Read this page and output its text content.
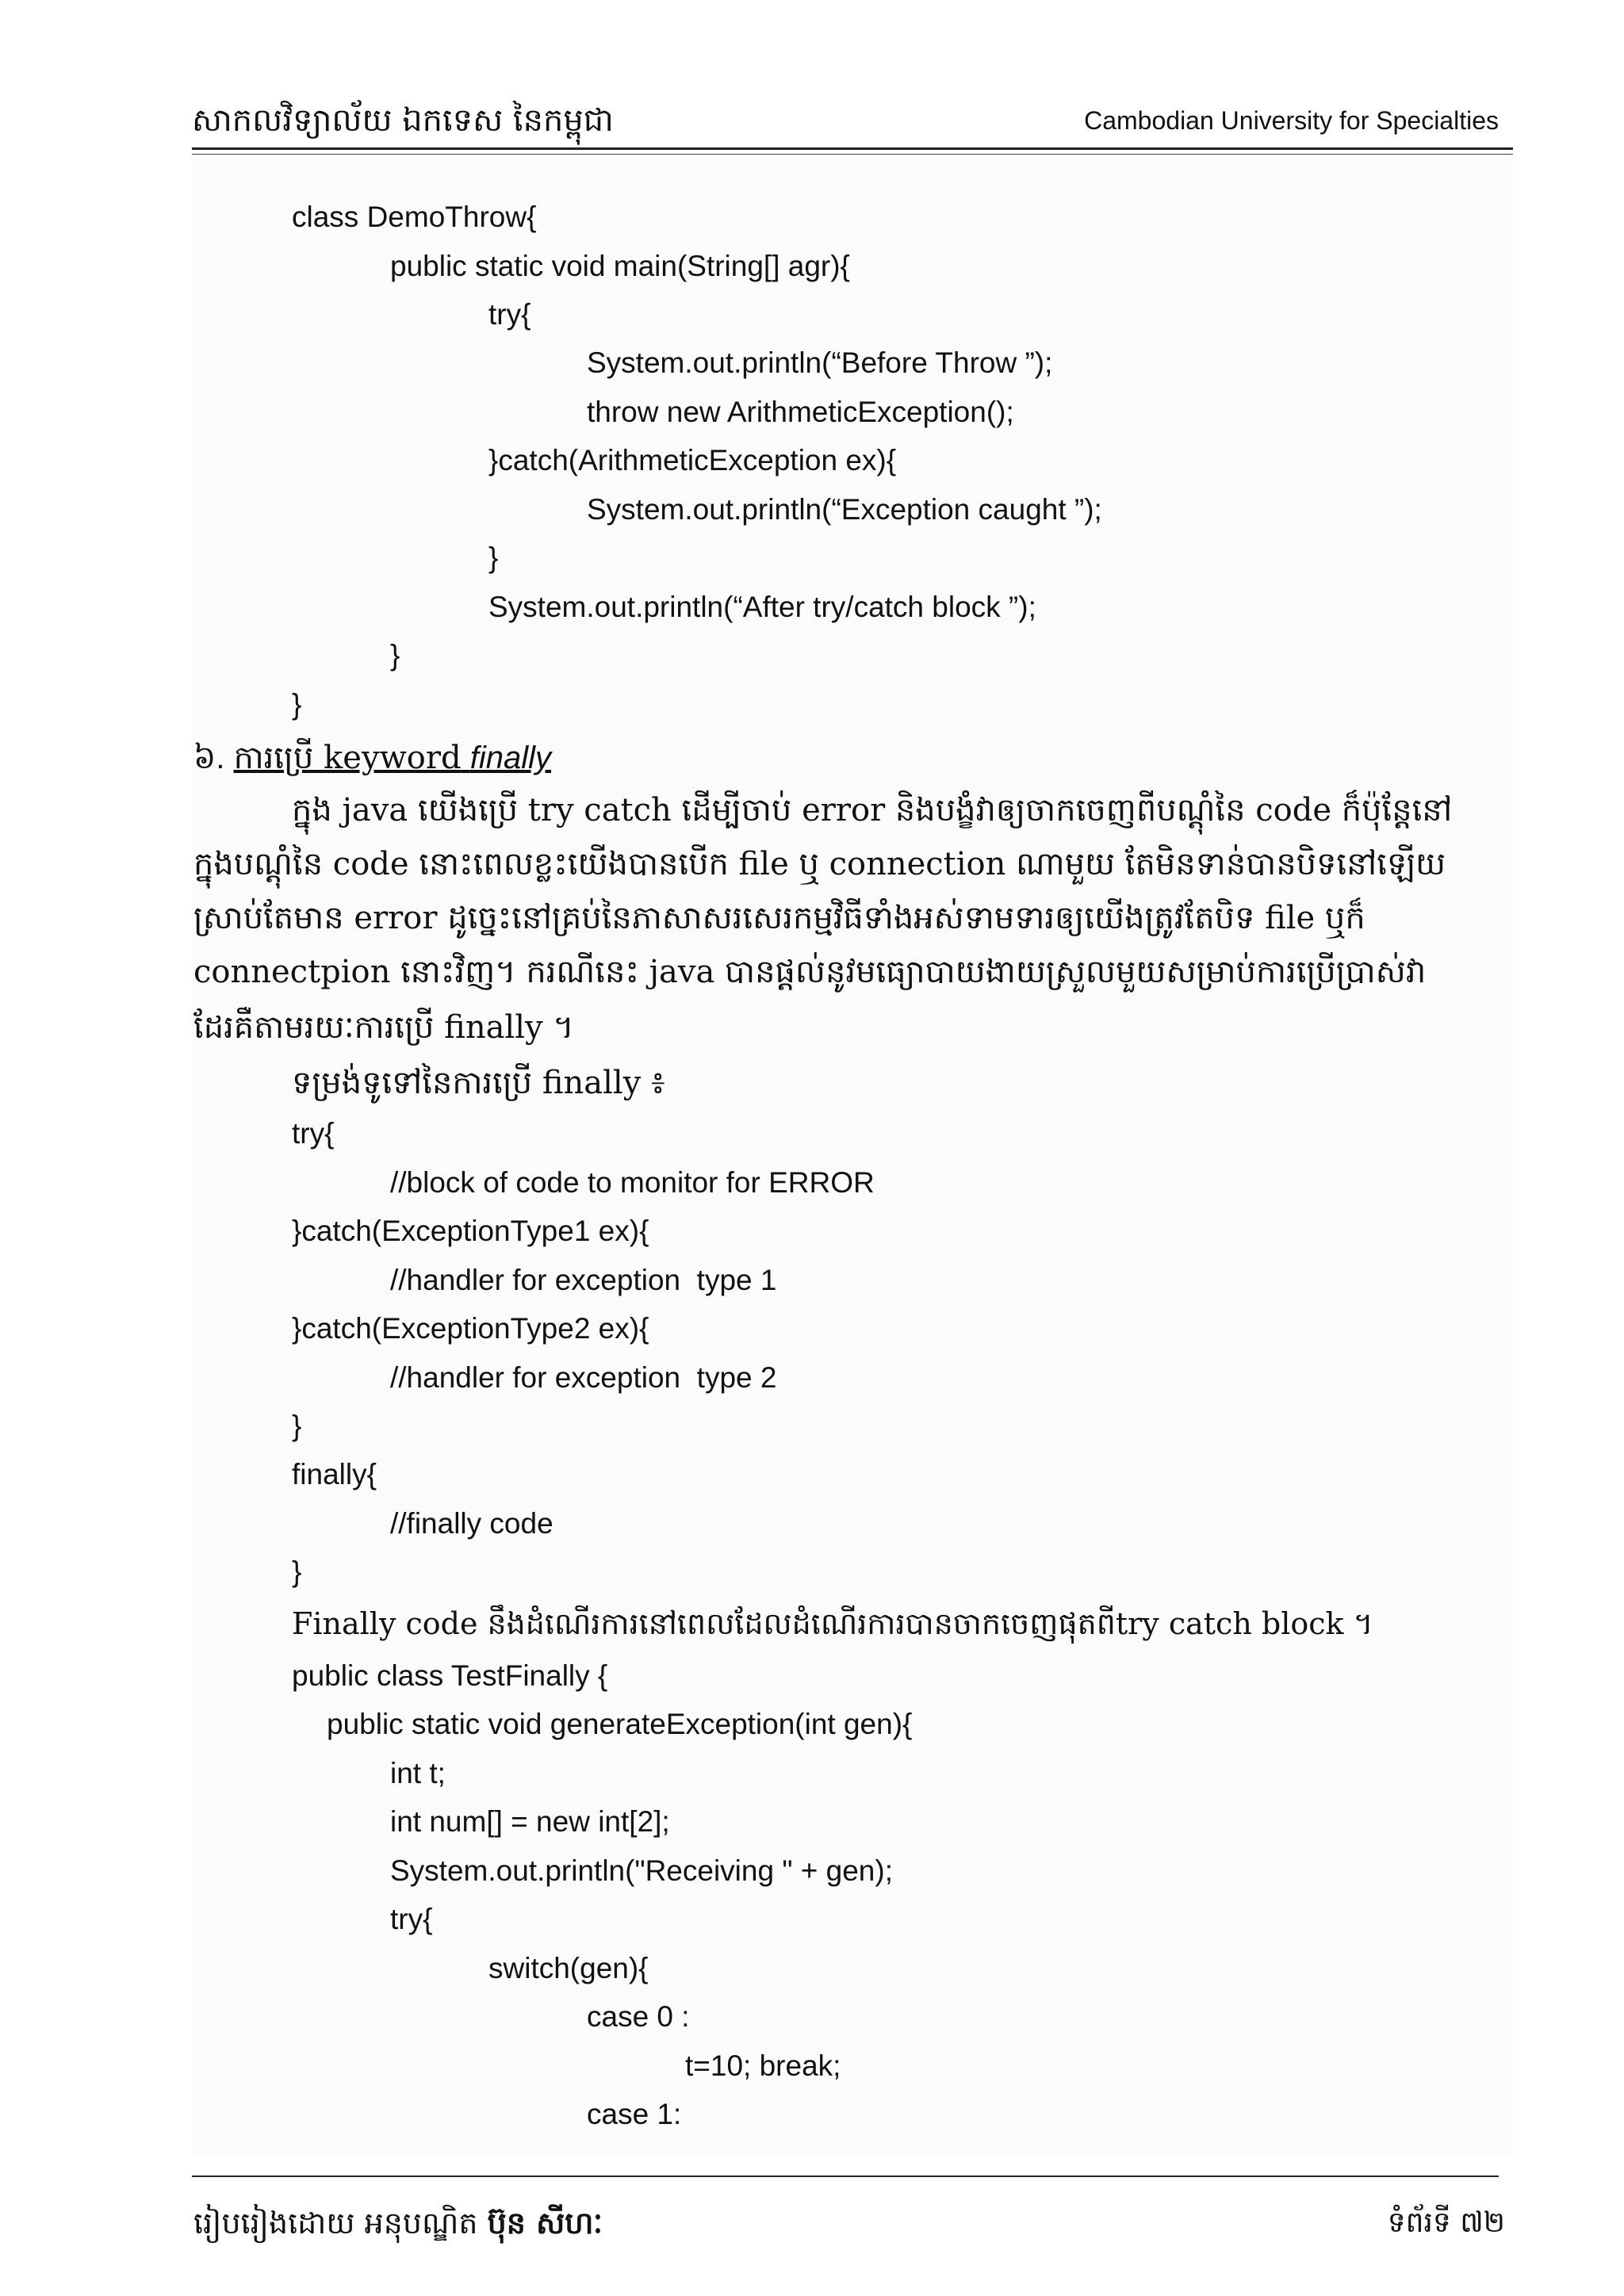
សាកលវិទ្យាល័យ ឯកទេស នៃកម្ពុជា	Cambodian University for Specialties
class DemoThrow{
public static void main(String[] agr){
try{
System.out.println(“Before Throw ”);
throw new ArithmeticException();
}catch(ArithmeticException ex){
System.out.println(“Exception caught ”);
}
System.out.println(“After try/catch block ”);
}
}
៦. ការប្រើ keyword finally
ក្នុង java យើងប្រើ try catch ដើម្បីចាប់ error និងបង្ខំវាឲ្យចាកចេញពីបណ្ដុំនៃ code ក៏ប៉ុន្តែនៅ
ក្នុងបណ្ដុំនៃ code នោះពេលខ្លះយើងបានបើក file ឬ connection ណាមួយ តែមិនទាន់បានបិទនៅឡើយ
ស្រាប់តែមាន error ដូច្នេះនៅគ្រប់នៃភាសាសរសេរកម្មវិធីទាំងអស់ទាមទារឲ្យយើងត្រូវតែបិទ file ឬក៏
connectpion នោះវិញ។ ករណីនេះ java បានផ្ដល់នូវមធ្យោបាយងាយស្រួលមួយសម្រាប់ការប្រើប្រាស់វា
ដែរគឺតាមរយៈការប្រើ finally ។
ទម្រង់ទូទៅនៃការប្រើ finally ៖
try{
//block of code to monitor for ERROR
}catch(ExceptionType1 ex){
//handler for exception  type 1
}catch(ExceptionType2 ex){
//handler for exception  type 2
}
finally{
//finally code
}
Finally code នឹងដំណើរការនៅពេលដែលដំណើរការបានចាកចេញផុតពីtry catch block ។
public class TestFinally {
public static void generateException(int gen){
int t;
int num[] = new int[2];
System.out.println("Receiving " + gen);
try{
switch(gen){
case 0 :
t=10; break;
case 1:
រៀបរៀងដោយ អនុបណ្ឌិត ប៊ុន សីហៈ	ទំព័រទី ៧២
